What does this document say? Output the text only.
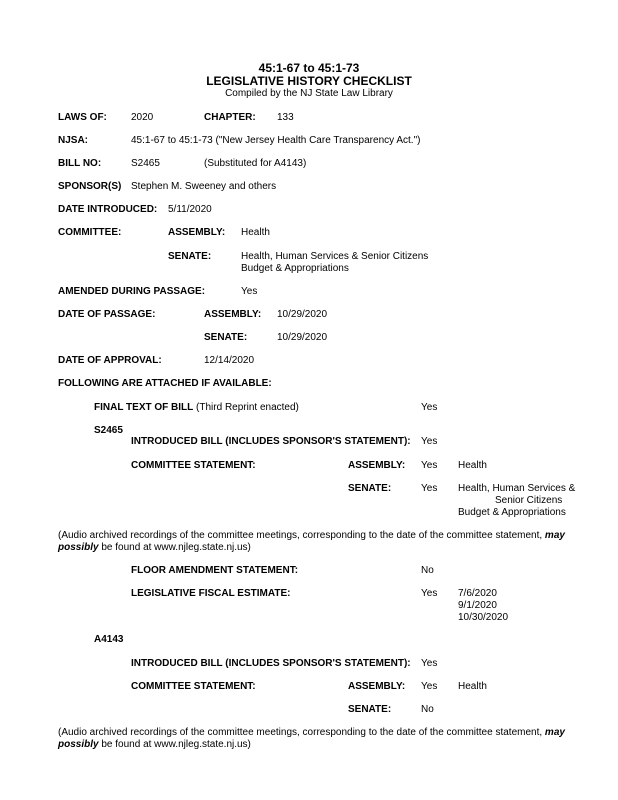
45:1-67 to 45:1-73
LEGISLATIVE HISTORY CHECKLIST
Compiled by the NJ State Law Library
LAWS OF: 2020	CHAPTER: 133
NJSA:	45:1-67 to 45:1-73 ("New Jersey Health Care Transparency Act.")
BILL NO:	S2465	(Substituted for A4143)
SPONSOR(S) Stephen M. Sweeney and others
DATE INTRODUCED: 5/11/2020
COMMITTEE:	ASSEMBLY: Health
SENATE:	Health, Human Services & Senior Citizens
Budget & Appropriations
AMENDED DURING PASSAGE:	Yes
DATE OF PASSAGE:	ASSEMBLY: 10/29/2020
SENATE:	10/29/2020
DATE OF APPROVAL:	12/14/2020
FOLLOWING ARE ATTACHED IF AVAILABLE:
FINAL TEXT OF BILL (Third Reprint enacted)	Yes
S2465
INTRODUCED BILL (INCLUDES SPONSOR'S STATEMENT): Yes
COMMITTEE STATEMENT:	ASSEMBLY: Yes Health
SENATE:	Yes Health, Human Services &
Senior Citizens
Budget & Appropriations
(Audio archived recordings of the committee meetings, corresponding to the date of the committee statement, may possibly be found at www.njleg.state.nj.us)
FLOOR AMENDMENT STATEMENT:	No
LEGISLATIVE FISCAL ESTIMATE:	Yes 7/6/2020
9/1/2020
10/30/2020
A4143
INTRODUCED BILL (INCLUDES SPONSOR'S STATEMENT): Yes
COMMITTEE STATEMENT:	ASSEMBLY: Yes Health
SENATE:	No
(Audio archived recordings of the committee meetings, corresponding to the date of the committee statement, may possibly be found at www.njleg.state.nj.us)
